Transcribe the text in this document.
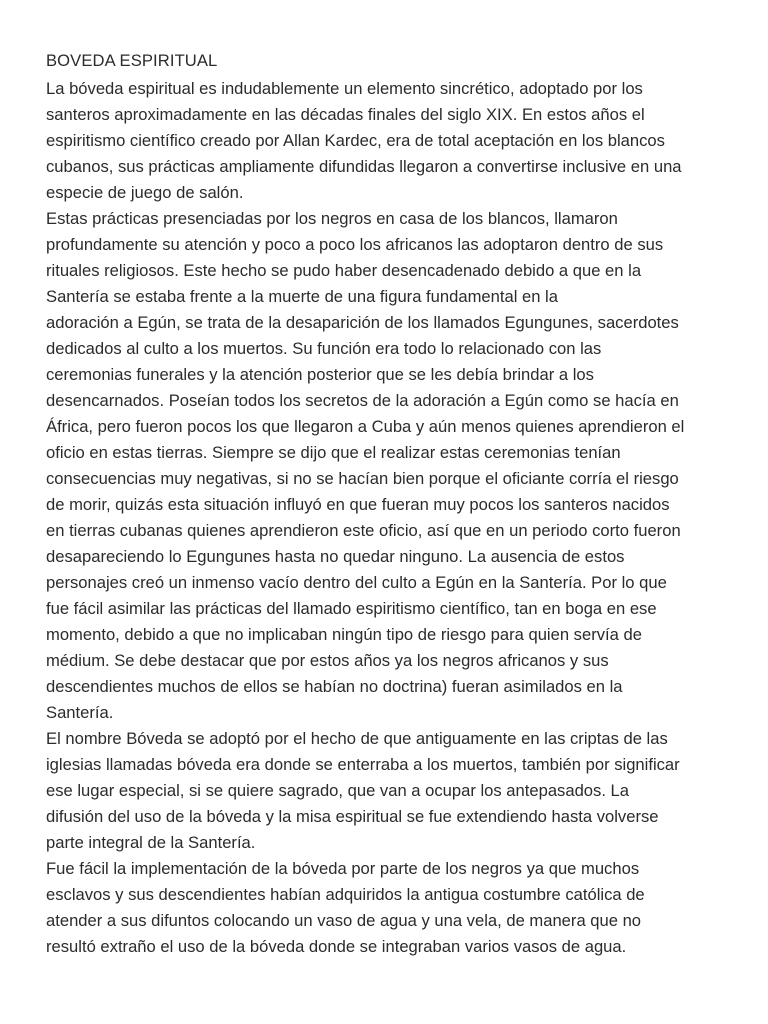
BOVEDA ESPIRITUAL

La bóveda espiritual es indudablemente un elemento sincrético, adoptado por los
santeros aproximadamente en las décadas finales del siglo XIX. En estos años el
espiritismo científico creado por Allan Kardec, era de total aceptación en los blancos
cubanos, sus prácticas ampliamente difundidas llegaron a convertirse inclusive en una
especie de juego de salón.

Estas prácticas presenciadas por los negros en casa de los blancos, llamaron
profundamente su atención y poco a poco los africanos las adoptaron dentro de sus
rituales religiosos. Este hecho se pudo haber desencadenado debido a que en la
Santería se estaba frente a la muerte de una figura fundamental en la
adoración a Egún, se trata de la desaparición de los llamados Egungunes, sacerdotes
dedicados al culto a los muertos. Su función era todo lo relacionado con las
ceremonias funerales y la atención posterior que se les debía brindar a los
desencarnados. Poseían todos los secretos de la adoración a Egún como se hacía en
África, pero fueron pocos los que llegaron a Cuba y aún menos quienes aprendieron el
oficio en estas tierras. Siempre se dijo que el realizar estas ceremonias tenían
consecuencias muy negativas, si no se hacían bien porque el oficiante corría el riesgo
de morir, quizás esta situación influyó en que fueran muy pocos los santeros nacidos
en tierras cubanas quienes aprendieron este oficio, así que en un periodo corto fueron
desapareciendo lo Egungunes hasta no quedar ninguno. La ausencia de estos
personajes creó un inmenso vacío dentro del culto a Egún en la Santería. Por lo que
fue fácil asimilar las prácticas del llamado espiritismo científico, tan en boga en ese
momento, debido a que no implicaban ningún tipo de riesgo para quien servía de
médium. Se debe destacar que por estos años ya los negros africanos y sus
descendientes muchos de ellos se habían no doctrina) fueran asimilados en la
Santería.

El nombre Bóveda se adoptó por el hecho de que antiguamente en las criptas de las
iglesias llamadas bóveda era donde se enterraba a los muertos, también por significar
ese lugar especial, si se quiere sagrado, que van a ocupar los antepasados. La
difusión del uso de la bóveda y la misa espiritual se fue extendiendo hasta volverse
parte integral de la Santería.

Fue fácil la implementación de la bóveda por parte de los negros ya que muchos
esclavos y sus descendientes habían adquiridos la antigua costumbre católica de
atender a sus difuntos colocando un vaso de agua y una vela, de manera que no
resultó extraño el uso de la bóveda donde se integraban varios vasos de agua.
